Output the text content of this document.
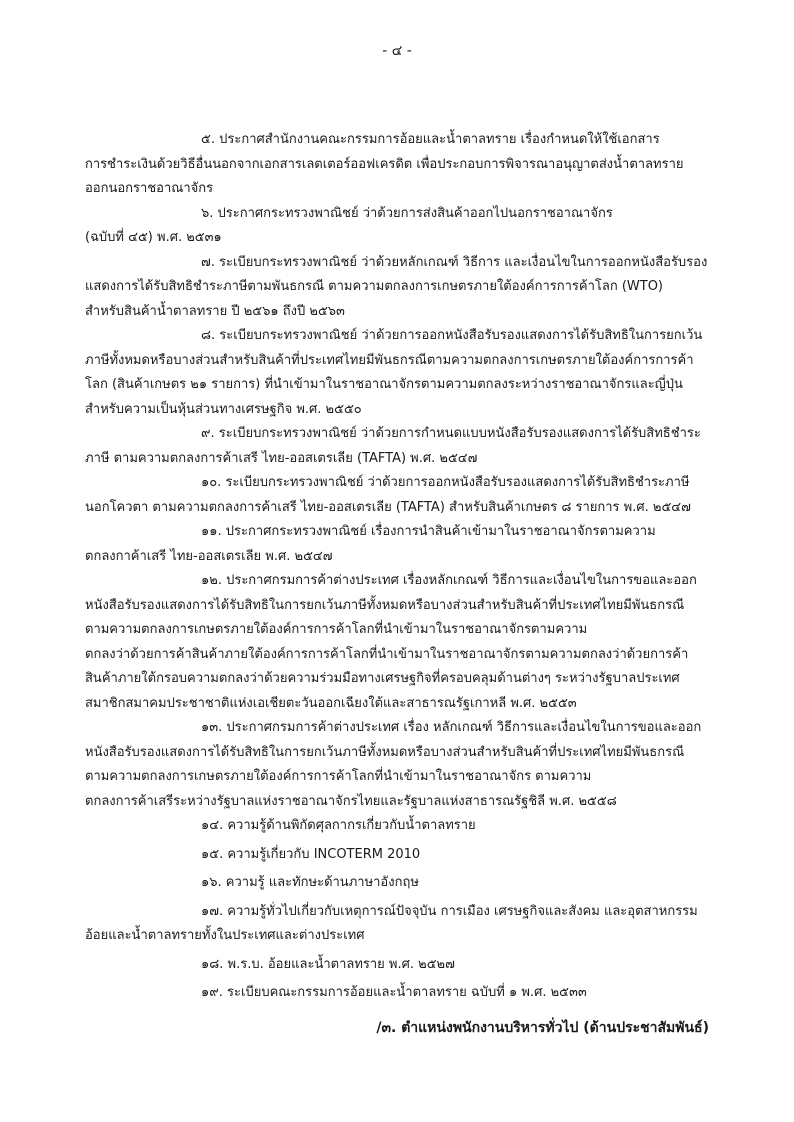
- ๔ -
๕. ประกาศสำนักงานคณะกรรมการอ้อยและน้ำตาลทราย เรื่องกำหนดให้ใช้เอกสาร
การชำระเงินด้วยวิธีอื่นนอกจากเอกสารเลตเตอร์ออฟเครดิต เพื่อประกอบการพิจารณาอนุญาตส่งน้ำตาลทราย
ออกนอกราชอาณาจักร
๖. ประกาศกระทรวงพาณิชย์ ว่าด้วยการส่งสินค้าออกไปนอกราชอาณาจักร
(ฉบับที่ ๔๕) พ.ศ. ๒๕๓๑
๗. ระเบียบกระทรวงพาณิชย์ ว่าด้วยหลักเกณฑ์ วิธีการ และเงื่อนไขในการออกหนังสือรับรอง
แสดงการได้รับสิทธิชำระภาษีตามพันธกรณี ตามความตกลงการเกษตรภายใต้องค์การการค้าโลก (WTO)
สำหรับสินค้าน้ำตาลทราย ปี ๒๕๖๑ ถึงปี ๒๕๖๓
๘. ระเบียบกระทรวงพาณิชย์ ว่าด้วยการออกหนังสือรับรองแสดงการได้รับสิทธิในการยกเว้น
ภาษีทั้งหมดหรือบางส่วนสำหรับสินค้าที่ประเทศไทยมีพันธกรณีตามความตกลงการเกษตรภายใต้องค์การการค้า
โลก (สินค้าเกษตร ๒๑ รายการ) ที่นำเข้ามาในราชอาณาจักรตามความตกลงระหว่างราชอาณาจักรและญี่ปุ่น
สำหรับความเป็นหุ้นส่วนทางเศรษฐกิจ พ.ศ. ๒๕๕๐
๙. ระเบียบกระทรวงพาณิชย์ ว่าด้วยการกำหนดแบบหนังสือรับรองแสดงการได้รับสิทธิชำระ
ภาษี ตามความตกลงการค้าเสรี ไทย-ออสเตรเลีย (TAFTA) พ.ศ. ๒๕๔๗
๑๐. ระเบียบกระทรวงพาณิชย์ ว่าด้วยการออกหนังสือรับรองแสดงการได้รับสิทธิชำระภาษี
นอกโควตา ตามความตกลงการค้าเสรี ไทย-ออสเตรเลีย (TAFTA) สำหรับสินค้าเกษตร ๘ รายการ พ.ศ. ๒๕๔๗
๑๑. ประกาศกระทรวงพาณิชย์ เรื่องการนำสินค้าเข้ามาในราชอาณาจักรตามความ
ตกลงกาค้าเสรี ไทย-ออสเตรเลีย พ.ศ. ๒๕๔๗
๑๒. ประกาศกรมการค้าต่างประเทศ เรื่องหลักเกณฑ์ วิธีการและเงื่อนไขในการขอและออก
หนังสือรับรองแสดงการได้รับสิทธิในการยกเว้นภาษีทั้งหมดหรือบางส่วนสำหรับสินค้าที่ประเทศไทยมีพันธกรณี
ตามความตกลงการเกษตรภายใต้องค์การการค้าโลกที่นำเข้ามาในราชอาณาจักรตามความ
ตกลงว่าด้วยการค้าสินค้าภายใต้องค์การการค้าโลกที่นำเข้ามาในราชอาณาจักรตามความตกลงว่าด้วยการค้า
สินค้าภายใต้กรอบความตกลงว่าด้วยความร่วมมือทางเศรษฐกิจที่ครอบคลุมด้านต่างๆ ระหว่างรัฐบาลประเทศ
สมาชิกสมาคมประชาชาติแห่งเอเชียตะวันออกเฉียงใต้และสาธารณรัฐเกาหลี พ.ศ. ๒๕๕๓
๑๓. ประกาศกรมการค้าต่างประเทศ เรื่อง หลักเกณฑ์ วิธีการและเงื่อนไขในการขอและออก
หนังสือรับรองแสดงการได้รับสิทธิในการยกเว้นภาษีทั้งหมดหรือบางส่วนสำหรับสินค้าที่ประเทศไทยมีพันธกรณี
ตามความตกลงการเกษตรภายใต้องค์การการค้าโลกที่นำเข้ามาในราชอาณาจักร ตามความ
ตกลงการค้าเสรีระหว่างรัฐบาลแห่งราชอาณาจักรไทยและรัฐบาลแห่งสาธารณรัฐชิลี พ.ศ. ๒๕๕๘
๑๔. ความรู้ด้านพิกัดศุลกากรเกี่ยวกับน้ำตาลทราย
๑๕. ความรู้เกี่ยวกับ INCOTERM 2010
๑๖. ความรู้ และทักษะด้านภาษาอังกฤษ
๑๗. ความรู้ทั่วไปเกี่ยวกับเหตุการณ์ปัจจุบัน การเมือง เศรษฐกิจและสังคม และอุตสาหกรรม
อ้อยและน้ำตาลทรายทั้งในประเทศและต่างประเทศ
๑๘. พ.ร.บ. อ้อยและน้ำตาลทราย พ.ศ. ๒๕๒๗
๑๙. ระเบียบคณะกรรมการอ้อยและน้ำตาลทราย ฉบับที่ ๑ พ.ศ. ๒๕๓๓
/๓. ตำแหน่งพนักงานบริหารทั่วไป (ด้านประชาสัมพันธ์)
